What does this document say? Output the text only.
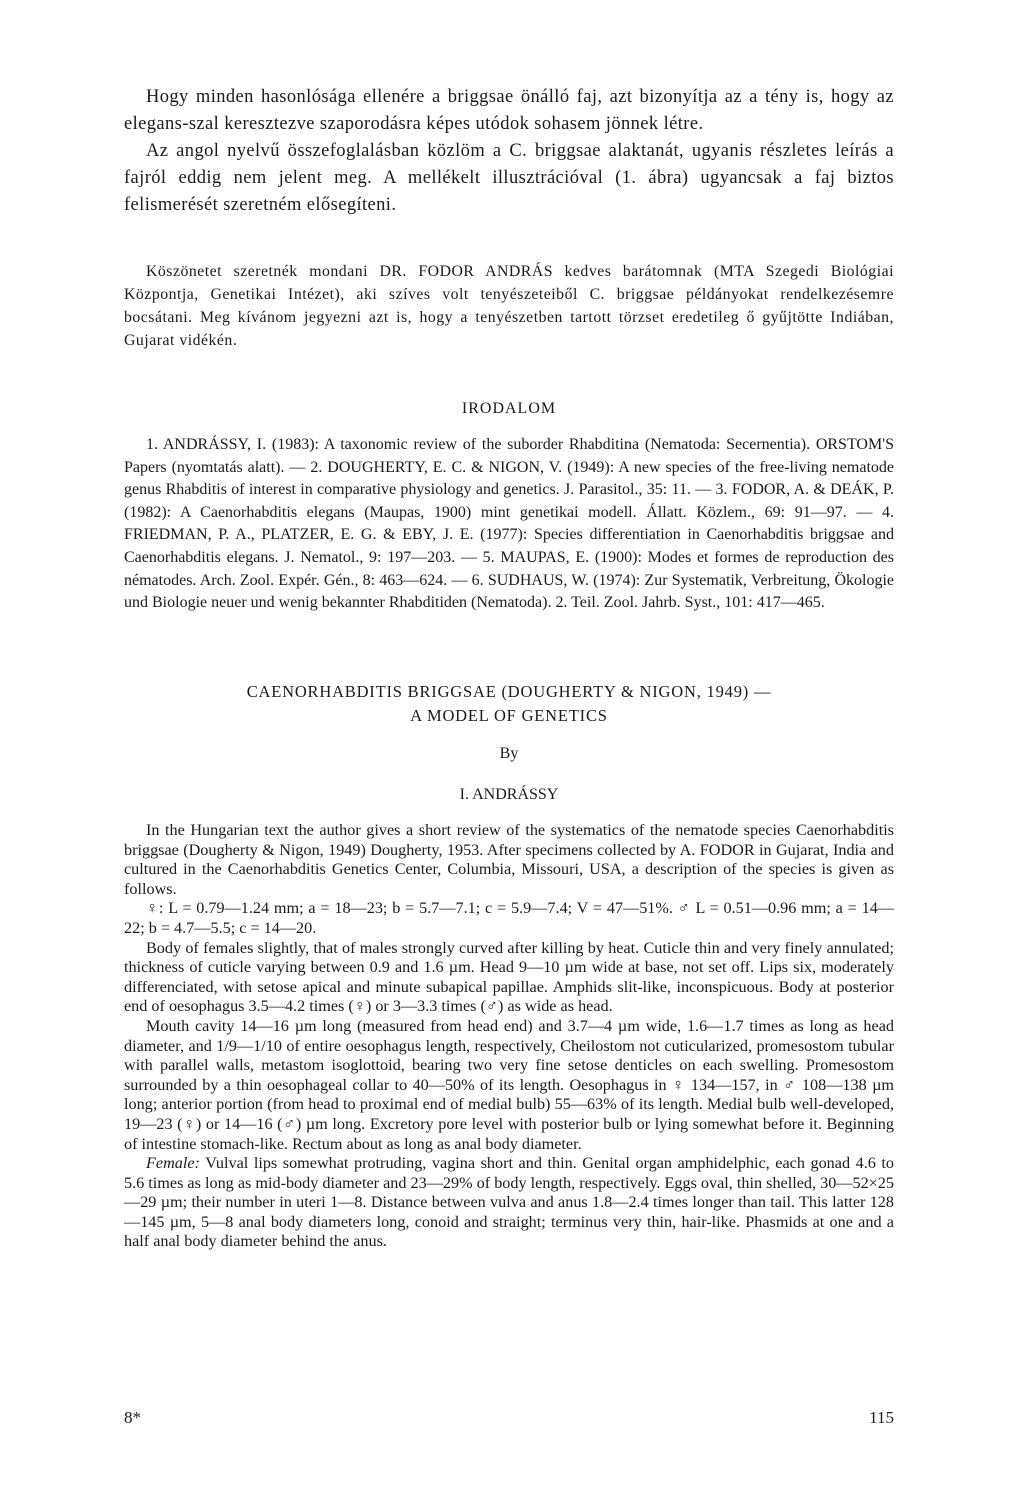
Hogy minden hasonlósága ellenére a briggsae önálló faj, azt bizonyítja az a tény is, hogy az elegans-szal keresztezve szaporodásra képes utódok sohasem jönnek létre.

Az angol nyelvű összefoglalásban közlöm a C. briggsae alaktanát, ugyanis részletes leírás a fajról eddig nem jelent meg. A mellékelt illusztrációval (1. ábra) ugyancsak a faj biztos felismerését szeretném elősegíteni.

Köszönetet szeretnék mondani DR. FODOR ANDRÁS kedves barátomnak (MTA Szegedi Biológiai Központja, Genetikai Intézet), aki szíves volt tenyészeteiből C. briggsae példányokat rendelkezésemre bocsátani. Meg kívánom jegyezni azt is, hogy a tenyészetben tartott törzset eredetileg ő gyűjtötte Indiában, Gujarat vidékén.
IRODALOM
1. ANDRÁSSY, I. (1983): A taxonomic review of the suborder Rhabditina (Nematoda: Secernentia). ORSTOM'S Papers (nyomtatás alatt). — 2. DOUGHERTY, E. C. & NIGON, V. (1949): A new species of the free-living nematode genus Rhabditis of interest in comparative physiology and genetics. J. Parasitol., 35: 11. — 3. FODOR, A. & DEÁK, P. (1982): A Caenorhabditis elegans (Maupas, 1900) mint genetikai modell. Állatt. Közlem., 69: 91—97. — 4. FRIEDMAN, P. A., PLATZER, E. G. & EBY, J. E. (1977): Species differentiation in Caenorhabditis briggsae and Caenorhabditis elegans. J. Nematol., 9: 197—203. — 5. MAUPAS, E. (1900): Modes et formes de reproduction des nématodes. Arch. Zool. Expér. Gén., 8: 463—624. — 6. SUDHAUS, W. (1974): Zur Systematik, Verbreitung, Ökologie und Biologie neuer und wenig bekannter Rhabditiden (Nematoda). 2. Teil. Zool. Jahrb. Syst., 101: 417—465.
CAENORHABDITIS BRIGGSAE (DOUGHERTY & NIGON, 1949) —
A MODEL OF GENETICS
By
I. ANDRÁSSY

In the Hungarian text the author gives a short review of the systematics of the nematode species Caenorhabditis briggsae (Dougherty & Nigon, 1949) Dougherty, 1953. After specimens collected by A. FODOR in Gujarat, India and cultured in the Caenorhabditis Genetics Center, Columbia, Missouri, USA, a description of the species is given as follows.

♀: L = 0.79—1.24 mm; a = 18—23; b = 5.7—7.1; c = 5.9—7.4; V = 47—51%. ♂ L = 0.51—0.96 mm; a = 14—22; b = 4.7—5.5; c = 14—20.

Body of females slightly, that of males strongly curved after killing by heat. Cuticle thin and very finely annulated; thickness of cuticle varying between 0.9 and 1.6 µm. Head 9—10 µm wide at base, not set off. Lips six, moderately differenciated, with setose apical and minute subapical papillae. Amphids slit-like, inconspicuous. Body at posterior end of oesophagus 3.5—4.2 times (♀) or 3—3.3 times (♂) as wide as head.

Mouth cavity 14—16 µm long (measured from head end) and 3.7—4 µm wide, 1.6—1.7 times as long as head diameter, and 1/9—1/10 of entire oesophagus length, respectively, Cheilostom not cuticularized, promesostom tubular with parallel walls, metastom isoglottoid, bearing two very fine setose denticles on each swelling. Promesostom surrounded by a thin oesophageal collar to 40—50% of its length. Oesophagus in ♀ 134—157, in ♂ 108—138 µm long; anterior portion (from head to proximal end of medial bulb) 55—63% of its length. Medial bulb well-developed, 19—23 (♀) or 14—16 (♂) µm long. Excretory pore level with posterior bulb or lying somewhat before it. Beginning of intestine stomach-like. Rectum about as long as anal body diameter.

Female: Vulval lips somewhat protruding, vagina short and thin. Genital organ amphidelphic, each gonad 4.6 to 5.6 times as long as mid-body diameter and 23—29% of body length, respectively. Eggs oval, thin shelled, 30—52×25—29 µm; their number in uteri 1—8. Distance between vulva and anus 1.8—2.4 times longer than tail. This latter 128—145 µm, 5—8 anal body diameters long, conoid and straight; terminus very thin, hair-like. Phasmids at one and a half anal body diameter behind the anus.

8*	115
